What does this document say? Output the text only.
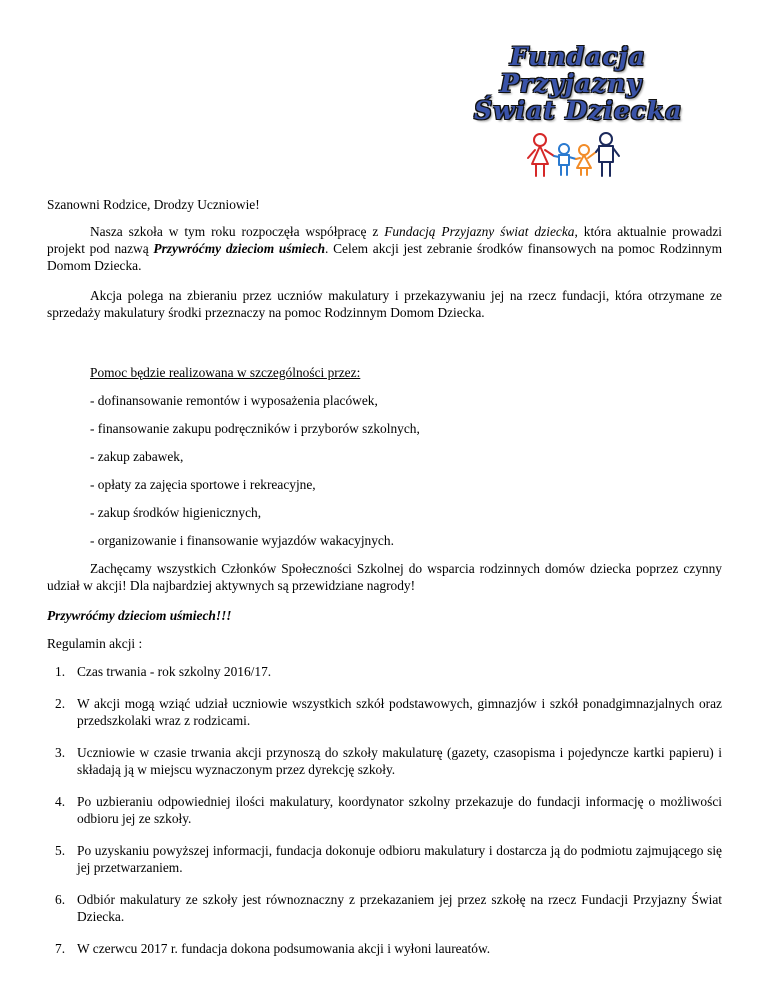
Fundacja
Przyjazny
Świat Dziecka

Szanowni Rodzice, Drodzy Uczniowie!

Nasza szkoła w tym roku rozpoczęła współpracę z Fundacją Przyjazny świat dziecka, która aktualnie prowadzi projekt pod nazwą Przywróćmy dzieciom uśmiech. Celem akcji jest zebranie środków finansowych na pomoc Rodzinnym Domom Dziecka.

Akcja polega na zbieraniu przez uczniów makulatury i przekazywaniu jej na rzecz fundacji, która otrzymane ze sprzedaży makulatury środki przeznaczy na pomoc Rodzinnym Domom Dziecka.

Pomoc będzie realizowana w szczególności przez:

- dofinansowanie remontów i wyposażenia placówek,

- finansowanie zakupu podręczników i przyborów szkolnych,

- zakup zabawek,

- opłaty za zajęcia sportowe i rekreacyjne,

- zakup środków higienicznych,

- organizowanie i finansowanie wyjazdów wakacyjnych.

Zachęcamy wszystkich Członków Społeczności Szkolnej do wsparcia rodzinnych domów dziecka poprzez czynny udział w akcji! Dla najbardziej aktywnych są przewidziane nagrody!

Przywróćmy dzieciom uśmiech!!!

Regulamin akcji :

1. Czas trwania - rok szkolny 2016/17.
2. W akcji mogą wziąć udział uczniowie wszystkich szkół podstawowych, gimnazjów i szkół ponadgimnazjalnych oraz przedszkolaki wraz z rodzicami.
3. Uczniowie w czasie trwania akcji przynoszą do szkoły makulaturę (gazety, czasopisma i pojedyncze kartki papieru) i składają ją w miejscu wyznaczonym przez dyrekcję szkoły.
4. Po uzbieraniu odpowiedniej ilości makulatury, koordynator szkolny przekazuje do fundacji informację o możliwości odbioru jej ze szkoły.
5. Po uzyskaniu powyższej informacji, fundacja dokonuje odbioru makulatury i dostarcza ją do podmiotu zajmującego się jej przetwarzaniem.
6. Odbiór makulatury ze szkoły jest równoznaczny z przekazaniem jej przez szkołę na rzecz Fundacji Przyjazny Świat Dziecka.
7. W czerwcu 2017 r. fundacja dokona podsumowania akcji i wyłoni laureatów.
